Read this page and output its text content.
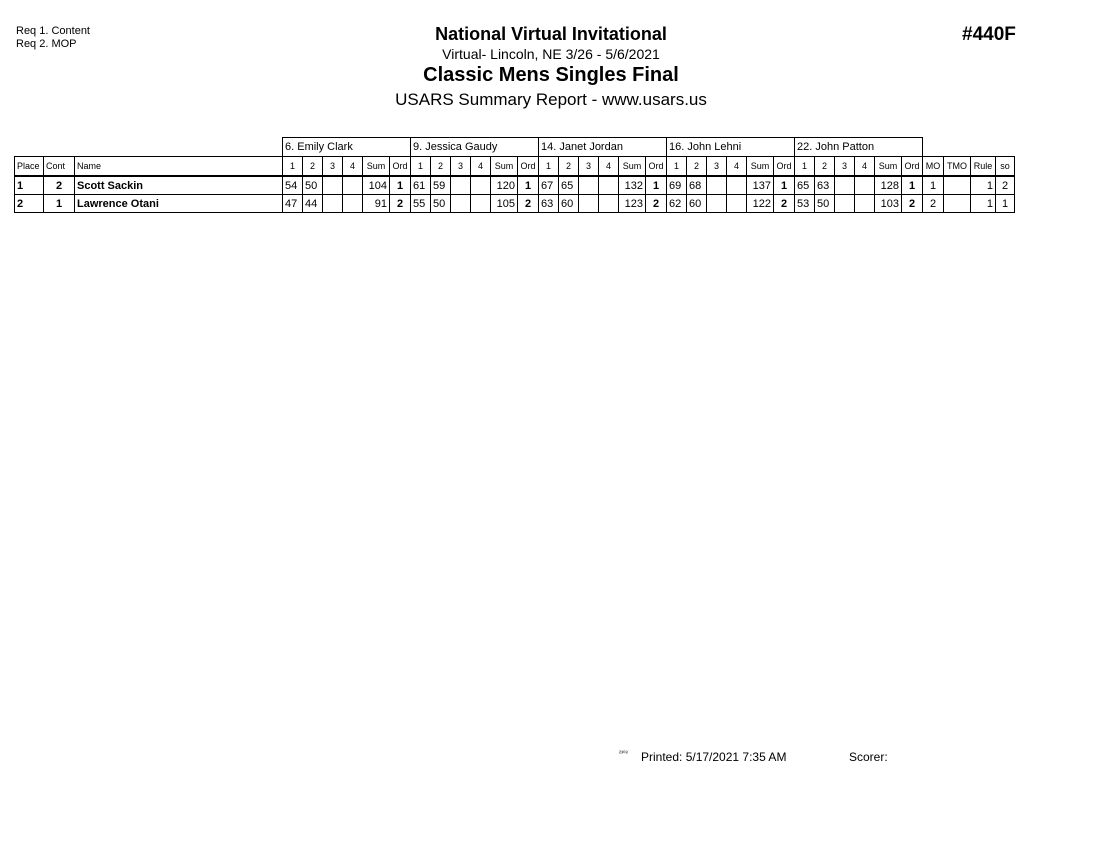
Req 1. Content
Req 2. MOP	National Virtual Invitational
Virtual- Lincoln, NE 3/26 - 5/6/2021
Classic Mens Singles Final
USARS Summary Report - www.usars.us
#440F
			6. Emily Clark						9. Jessica Gaudy						14. Janet Jordan						16. John Lehni						22. John Patton									
Place	Cont	Name	1	2	3	4	Sum	Ord	1	2	3	4	Sum	Ord	1	2	3	4	Sum	Ord	1	2	3	4	Sum	Ord	1	2	3	4	Sum	Ord	MO	TMO	Rule	so
1	2	Scott Sackin	54	50			104	1	61	59			120	1	67	65			132	1	69	68			137	1	65	63			128	1	1		1	2
2	1	Lawrence Otani	47	44			91	2	55	50			105	2	63	60			123	2	62	60			122	2	53	50			103	2	2		1	1
²³⁰⁸ Printed: 5/17/2021 7:35 AM	Scorer:
